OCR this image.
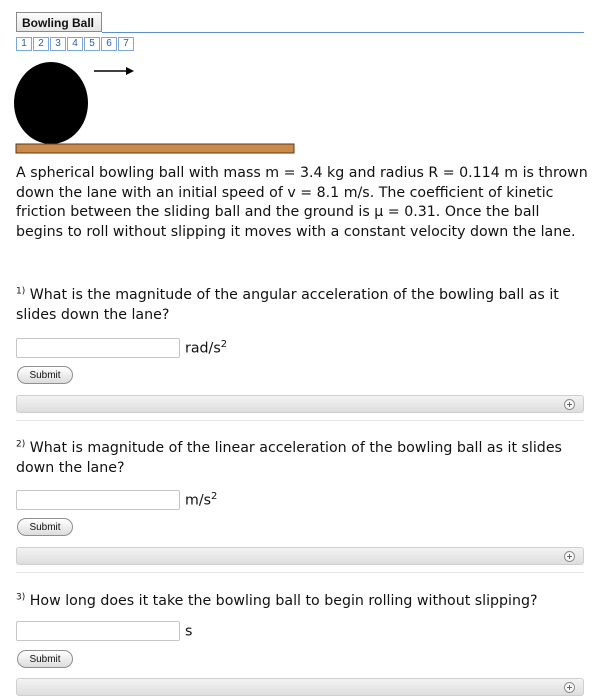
Bowling Ball
1	2	3	4	5	6	7

A spherical bowling ball with mass m = 3.4 kg and radius R = 0.114 m is thrown down the lane with an initial speed of v = 8.1 m/s. The coefficient of kinetic friction between the sliding ball and the ground is μ = 0.31. Once the ball begins to roll without slipping it moves with a constant velocity down the lane.

$^{1)}$ What is the magnitude of the angular acceleration of the bowling ball as it slides down the lane?

rad/$s^2$
Submit

$^{2)}$ What is magnitude of the linear acceleration of the bowling ball as it slides down the lane?

$m/s^2$
Submit

$^{3)}$ How long does it take the bowling ball to begin rolling without slipping?

s
Submit
